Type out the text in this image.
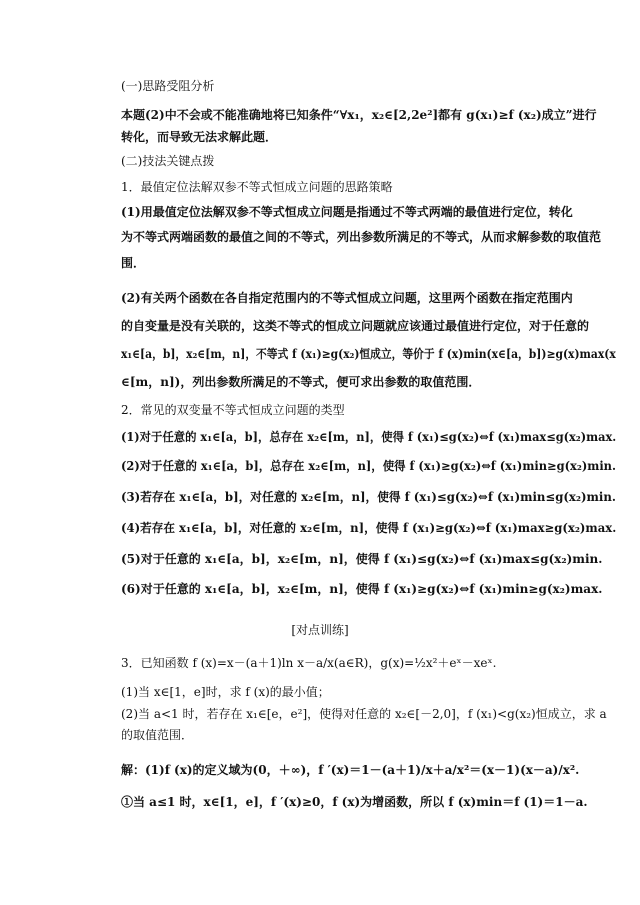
(一)思路受阻分析
本题(2)中不会或不能准确地将已知条件“∀x₁，x₂∈[2,2e²]都有 g(x₁)≥f (x₂)成立”进行
转化，而导致无法求解此题．
(二)技法关键点拨
1．最值定位法解双参不等式恒成立问题的思路策略
(1)用最值定位法解双参不等式恒成立问题是指通过不等式两端的最值进行定位，转化
为不等式两端函数的最值之间的不等式，列出参数所满足的不等式，从而求解参数的取值范
围．
(2)有关两个函数在各自指定范围内的不等式恒成立问题，这里两个函数在指定范围内
的自变量是没有关联的，这类不等式的恒成立问题就应该通过最值进行定位，对于任意的
x₁∈[a，b]，x₂∈[m，n]，不等式 f (x₁)≥g(x₂)恒成立，等价于 f (x)min(x∈[a，b])≥g(x)max(x
∈[m，n])，列出参数所满足的不等式，便可求出参数的取值范围．
2．常见的双变量不等式恒成立问题的类型
(1)对于任意的 x₁∈[a，b]，总存在 x₂∈[m，n]，使得 f (x₁)≤g(x₂)⇔f (x₁)max≤g(x₂)max.
(2)对于任意的 x₁∈[a，b]，总存在 x₂∈[m，n]，使得 f (x₁)≥g(x₂)⇔f (x₁)min≥g(x₂)min.
(3)若存在 x₁∈[a，b]，对任意的 x₂∈[m，n]，使得 f (x₁)≤g(x₂)⇔f (x₁)min≤g(x₂)min.
(4)若存在 x₁∈[a，b]，对任意的 x₂∈[m，n]，使得 f (x₁)≥g(x₂)⇔f (x₁)max≥g(x₂)max.
(5)对于任意的 x₁∈[a，b]，x₂∈[m，n]，使得 f (x₁)≤g(x₂)⇔f (x₁)max≤g(x₂)min.
(6)对于任意的 x₁∈[a，b]，x₂∈[m，n]，使得 f (x₁)≥g(x₂)⇔f (x₁)min≥g(x₂)max.
[对点训练]
3．已知函数 f (x)=x－(a＋1)ln x－a/x(a∈R)，g(x)=½x²＋eˣ－xeˣ.
(1)当 x∈[1，e]时，求 f (x)的最小值；
(2)当 a<1 时，若存在 x₁∈[e，e²]，使得对任意的 x₂∈[－2,0]，f (x₁)<g(x₂)恒成立，求 a
的取值范围．
解：(1)f (x)的定义域为(0，＋∞)，f ′(x)＝1－(a＋1)/x＋a/x²＝(x－1)(x－a)/x².
①当 a≤1 时，x∈[1，e]，f ′(x)≥0，f (x)为增函数，所以 f (x)min＝f (1)＝1－a.
